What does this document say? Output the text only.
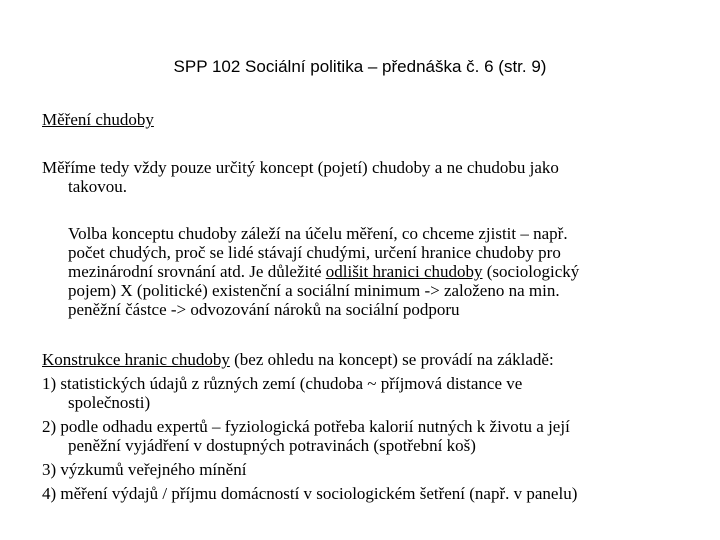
SPP 102 Sociální politika – přednáška č. 6 (str. 9)
Měření chudoby
Měříme tedy vždy pouze určitý koncept (pojetí) chudoby a ne chudobu jako
takovou.
Volba konceptu chudoby záleží na účelu měření, co chceme zjistit – např.
počet chudých, proč se lidé stávají chudými, určení hranice chudoby pro
mezinárodní srovnání atd. Je důležité odlišit hranici chudoby (sociologický
pojem) X (politické) existenční a sociální minimum -> založeno na min.
peněžní částce -> odvozování nároků na sociální podporu
Konstrukce hranic chudoby (bez ohledu na koncept) se provádí na základě:
1) statistických údajů z různých zemí (chudoba ~ příjmová distance ve
společnosti)
2) podle odhadu expertů – fyziologická potřeba kalorií nutných k životu a její
peněžní vyjádření v dostupných potravinách (spotřební koš)
3) výzkumů veřejného mínění
4) měření výdajů / příjmu domácností v sociologickém šetření (např. v panelu)
